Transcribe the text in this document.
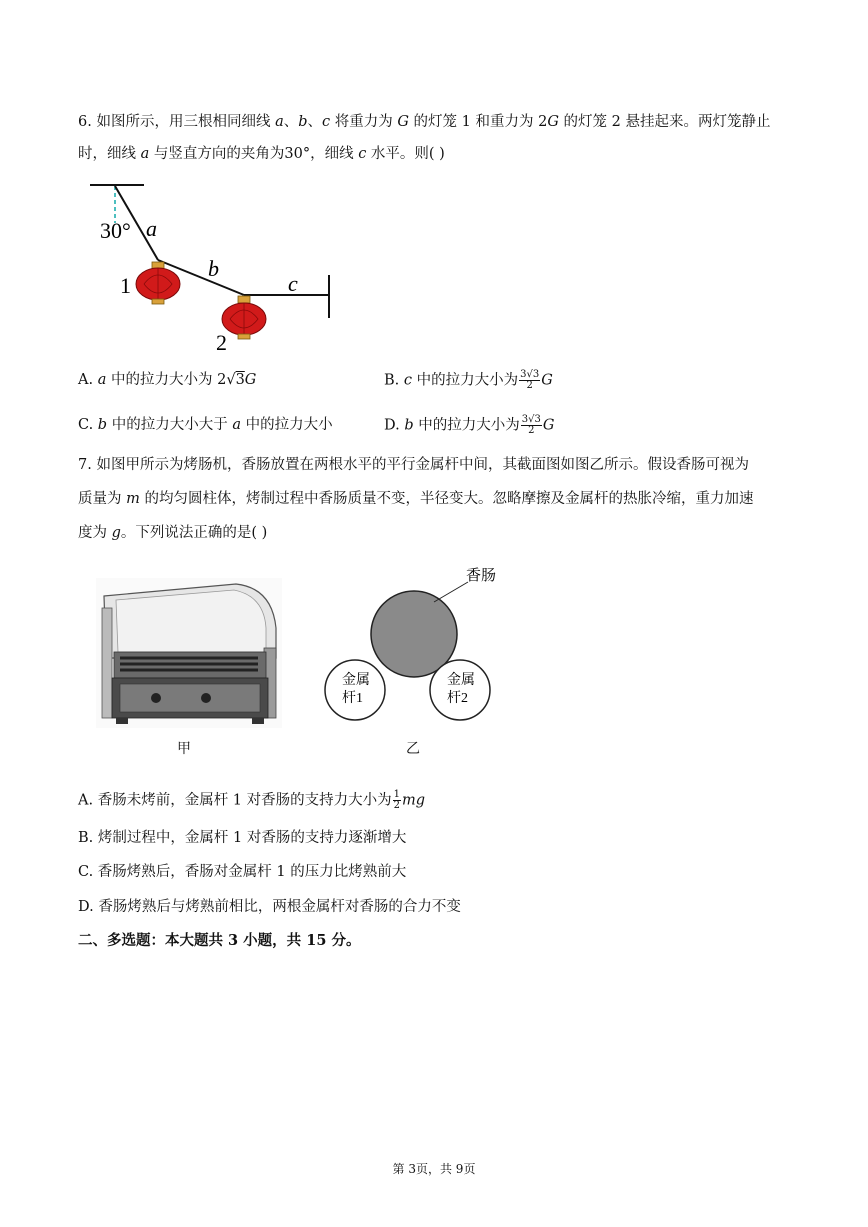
6. 如图所示，用三根相同细线 a、b、c 将重力为 G 的灯笼 1 和重力为 2G 的灯笼 2 悬挂起来。两灯笼静止
时，细线 a 与竖直方向的夹角为30°，细线 c 水平。则( )
30° a
b
c
1
2
A. a 中的拉力大小为 2√3G	B. c 中的拉力大小为 $\frac{3√3}{2}$ G
C. b 中的拉力大小大于 a 中的拉力大小	D. b 中的拉力大小为 $\frac{3√3}{2}$ G
7. 如图甲所示为烤肠机，香肠放置在两根水平的平行金属杆中间，其截面图如图乙所示。假设香肠可视为
质量为 m 的均匀圆柱体，烤制过程中香肠质量不变，半径变大。忽略摩擦及金属杆的热胀冷缩，重力加速
度为 g。下列说法正确的是( )
香肠
金属
杆1
金属
杆2
甲	乙
A. 香肠未烤前，金属杆 1 对香肠的支持力大小为 $\frac{1}{2}$ mg
B. 烤制过程中，金属杆 1 对香肠的支持力逐渐增大
C. 香肠烤熟后，香肠对金属杆 1 的压力比烤熟前大
D. 香肠烤熟后与烤熟前相比，两根金属杆对香肠的合力不变
二、多选题：本大题共 3 小题，共 15 分。
第 3页，共 9页
